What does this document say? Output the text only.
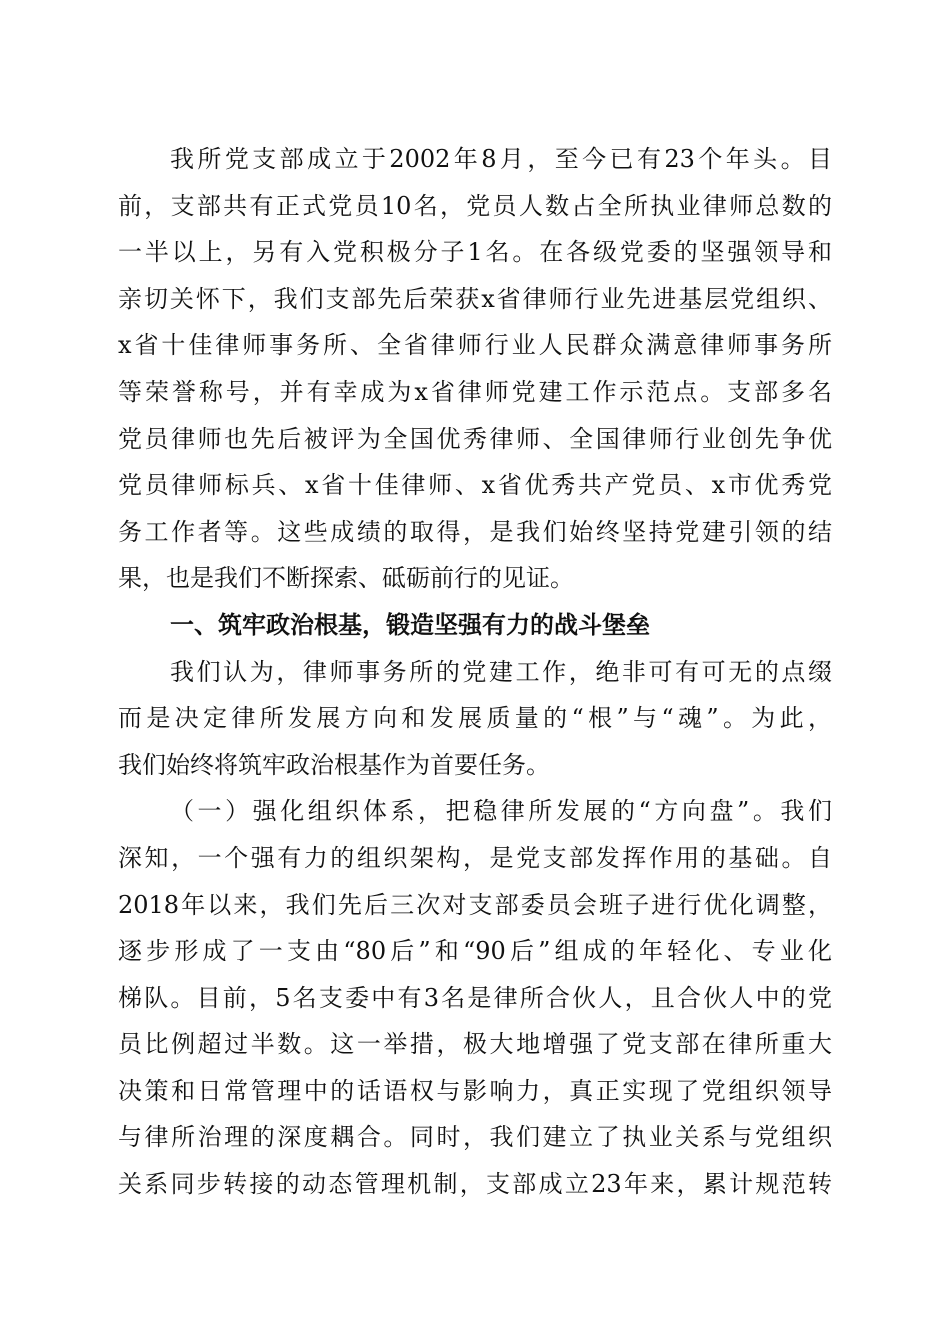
我所党支部成立于2002年8月，至今已有23个年头。目
前，支部共有正式党员10名，党员人数占全所执业律师总数的
一半以上，另有入党积极分子1名。在各级党委的坚强领导和
亲切关怀下，我们支部先后荣获x省律师行业先进基层党组织、
x省十佳律师事务所、全省律师行业人民群众满意律师事务所
等荣誉称号，并有幸成为x省律师党建工作示范点。支部多名
党员律师也先后被评为全国优秀律师、全国律师行业创先争优
党员律师标兵、x省十佳律师、x省优秀共产党员、x市优秀党
务工作者等。这些成绩的取得，是我们始终坚持党建引领的结
果，也是我们不断探索、砥砺前行的见证。
一、筑牢政治根基，锻造坚强有力的战斗堡垒
我们认为，律师事务所的党建工作，绝非可有可无的点缀
而是决定律所发展方向和发展质量的“根”与“魂”。为此，
我们始终将筑牢政治根基作为首要任务。
（一）强化组织体系，把稳律所发展的“方向盘”。我们
深知，一个强有力的组织架构，是党支部发挥作用的基础。自
2018年以来，我们先后三次对支部委员会班子进行优化调整，
逐步形成了一支由“80后”和“90后”组成的年轻化、专业化
梯队。目前，5名支委中有3名是律所合伙人，且合伙人中的党
员比例超过半数。这一举措，极大地增强了党支部在律所重大
决策和日常管理中的话语权与影响力，真正实现了党组织领导
与律所治理的深度耦合。同时，我们建立了执业关系与党组织
关系同步转接的动态管理机制，支部成立23年来，累计规范转
